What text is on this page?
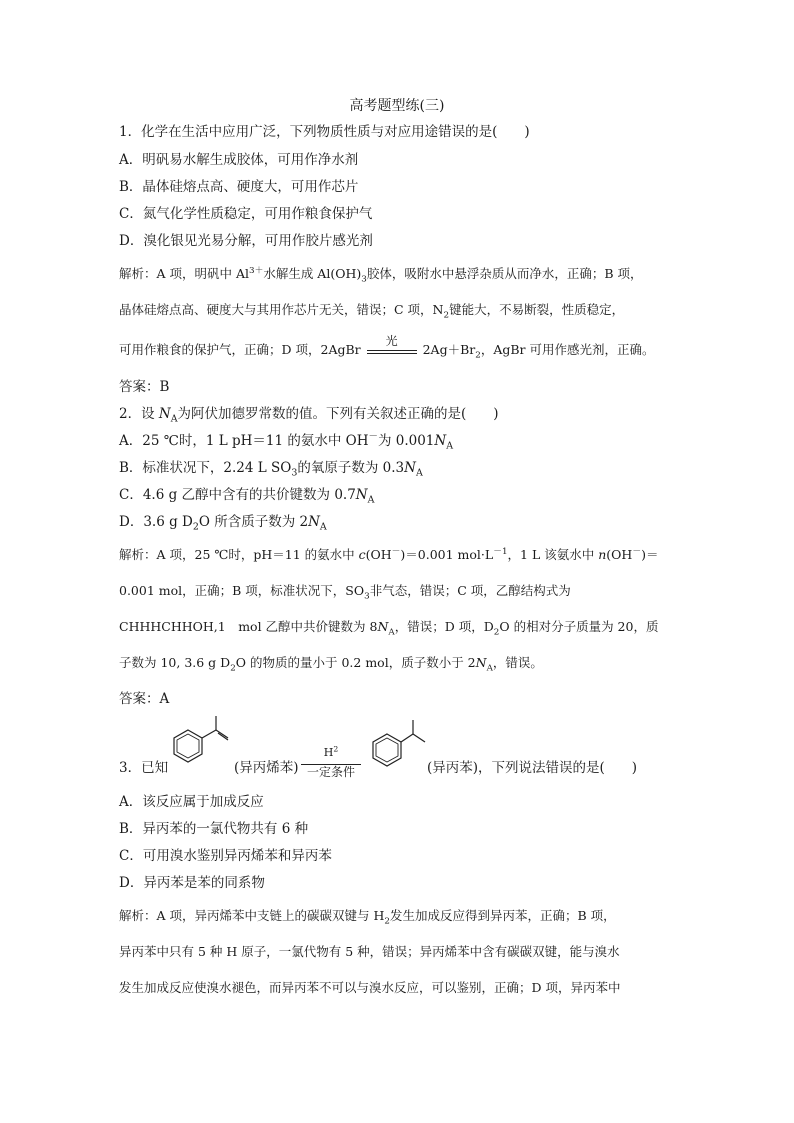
高考题型练(三)
1．化学在生活中应用广泛，下列物质性质与对应用途错误的是(　　)
A．明矾易水解生成胶体，可用作净水剂
B．晶体硅熔点高、硬度大，可用作芯片
C．氮气化学性质稳定，可用作粮食保护气
D．溴化银见光易分解，可用作胶片感光剂
解析：A 项，明矾中 $Al^{3+}$水解生成 $Al(OH)_3$胶体，吸附水中悬浮杂质从而净水，正确；B 项，
晶体硅熔点高、硬度大与其用作芯片无关，错误；C 项，$N_2$键能大，不易断裂，性质稳定，
可用作粮食的保护气，正确；D 项，2AgBr
光
$2Ag+Br_2$，AgBr 可用作感光剂，正确。
答案：B
2．设 $N_A$为阿伏加德罗常数的值。下列有关叙述正确的是(　　)
A．25 ℃时，1 L pH＝11 的氨水中 OH－为 $0.001N_A$
B．标准状况下，2.24 L $SO_3$的氧原子数为 $0.3N_A$
C．4.6 g 乙醇中含有的共价键数为 $0.7N_A$
D．3.6 g $D_2O$ 所含质子数为 $2N_A$
解析：A 项，25 ℃时，pH＝11 的氨水中 c(OH－)＝0.001 $mol\cdot L^{-1}$，1 L 该氨水中 n(OH－)＝
0.001 mol，正确；B 项，标准状况下，$SO_3$非气态，错误；C 项，乙醇结构式为
CHHHCHHOH,1　mol 乙醇中共价键数为 $8N_A$，错误；D 项，$D_2O$ 的相对分子质量为 20，质
子数为 10, 3.6 g $D_2O$ 的物质的量小于 0.2 mol，质子数小于 $2N_A$，错误。
答案：A
3．已知	(异丙烯苯)
$H^2$
一定条件	(异丙苯)，下列说法错误的是(　　)
A．该反应属于加成反应
B．异丙苯的一氯代物共有 6 种
C．可用溴水鉴别异丙烯苯和异丙苯
D．异丙苯是苯的同系物
解析：A 项，异丙烯苯中支链上的碳碳双键与 $H_2$发生加成反应得到异丙苯，正确；B 项，
异丙苯中只有 5 种 H 原子，一氯代物有 5 种，错误；异丙烯苯中含有碳碳双键，能与溴水
发生加成反应使溴水褪色，而异丙苯不可以与溴水反应，可以鉴别，正确；D 项，异丙苯中
